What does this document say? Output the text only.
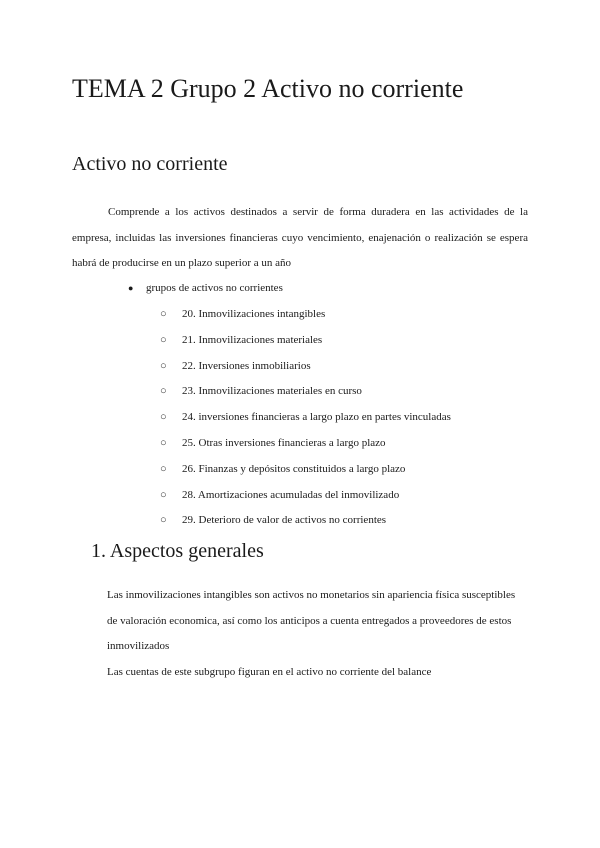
TEMA 2 Grupo 2 Activo no corriente
Activo no corriente

Comprende a los activos destinados a servir de forma duradera en las actividades de la empresa, incluidas las inversiones financieras cuyo vencimiento, enajenación o realización se espera habrá de producirse en un plazo superior a un año

● grupos de activos no corrientes
○ 20. Inmovilizaciones intangibles
○ 21. Inmovilizaciones materiales
○ 22. Inversiones inmobiliarios
○ 23. Inmovilizaciones materiales en curso
○ 24. inversiones financieras a largo plazo en partes vinculadas
○ 25. Otras inversiones financieras a largo plazo
○ 26. Finanzas y depósitos constituidos a largo plazo
○ 28. Amortizaciones acumuladas del inmovilizado
○ 29. Deterioro de valor de activos no corrientes
1. Aspectos generales

Las inmovilizaciones intangibles son activos no monetarios sin apariencia física susceptibles de valoración economica, así como los anticipos a cuenta entregados a proveedores de estos inmovilizados

Las cuentas de este subgrupo figuran en el activo no corriente del balance
